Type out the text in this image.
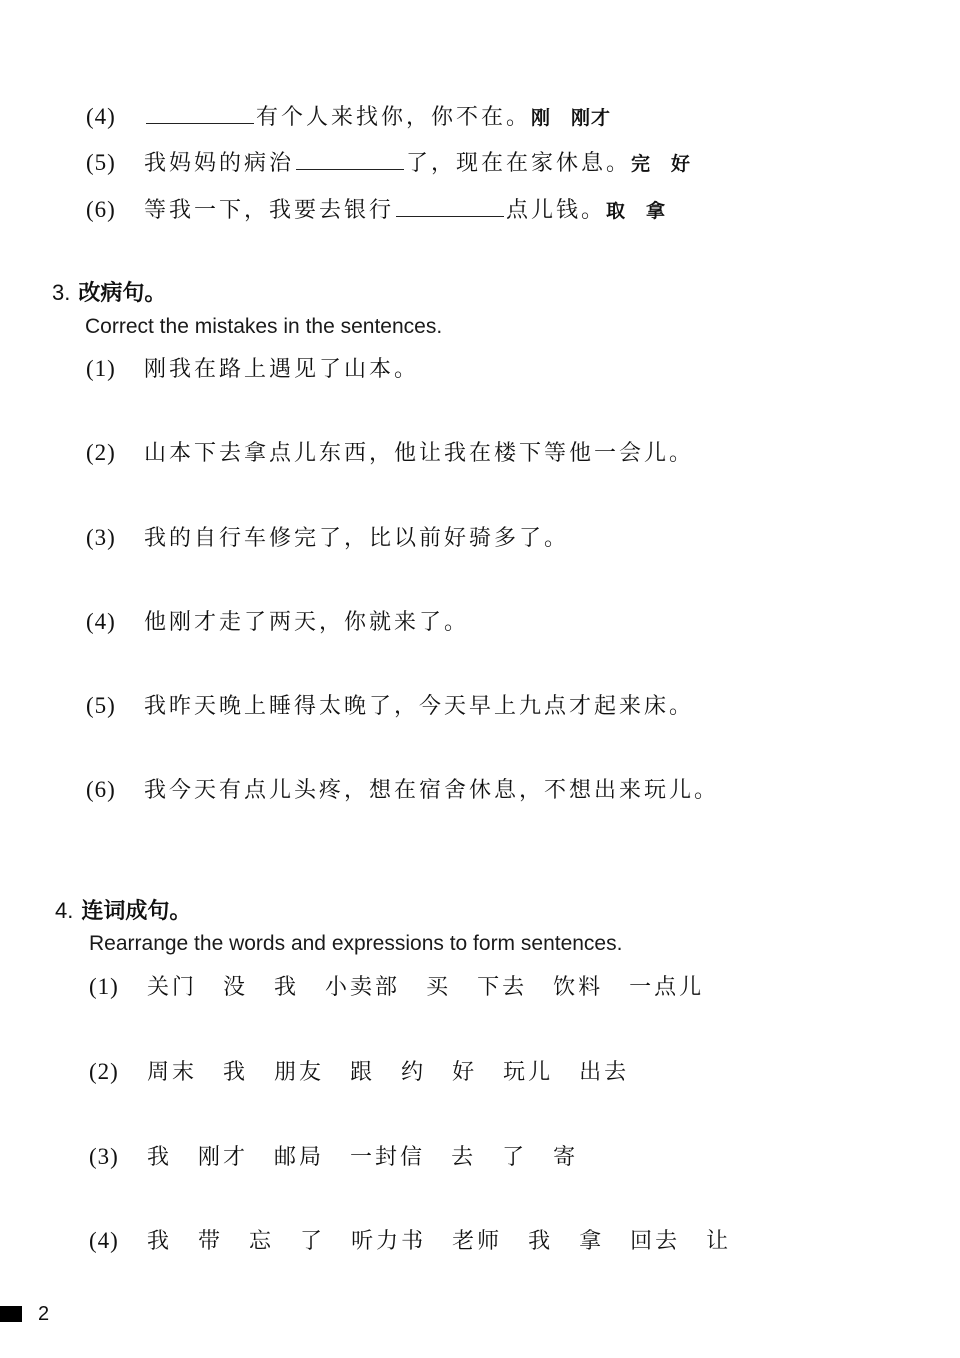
(4)	有个人来找你，你不在。刚 刚才
(5) 我妈妈的病治	了，现在在家休息。完 好
(6) 等我一下，我要去银行	点儿钱。取 拿
3. 改病句。
Correct the mistakes in the sentences.
(1) 刚我在路上遇见了山本。
(2) 山本下去拿点儿东西，他让我在楼下等他一会儿。
(3) 我的自行车修完了，比以前好骑多了。
(4) 他刚才走了两天，你就来了。
(5) 我昨天晚上睡得太晚了，今天早上九点才起来床。
(6) 我今天有点儿头疼，想在宿舍休息，不想出来玩儿。
4. 连词成句。
Rearrange the words and expressions to form sentences.
(1) 关门 没 我 小卖部 买 下去 饮料 一点儿
(2) 周末 我 朋友 跟 约 好 玩儿 出去
(3) 我 刚才 邮局 一封信 去 了 寄
(4) 我 带 忘 了 听力书 老师 我 拿 回去 让
2
